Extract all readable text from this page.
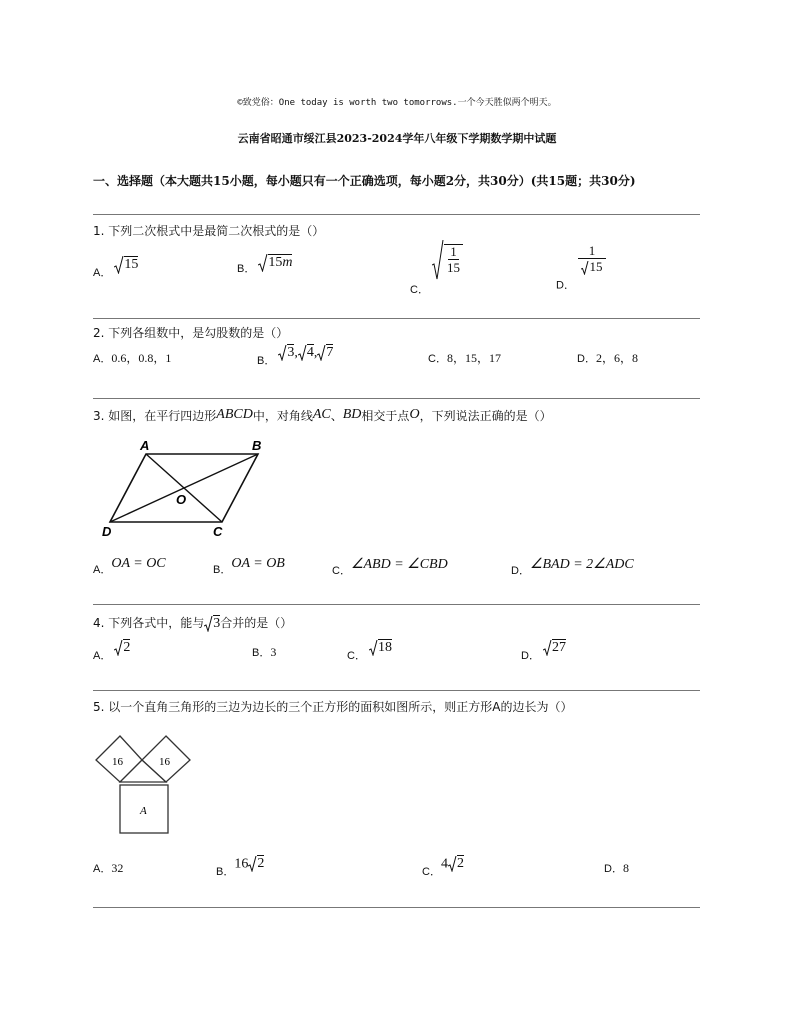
©致党俗：One today is worth two tomorrows.一个今天胜似两个明天。
云南省昭通市绥江县2023-2024学年八年级下学期数学期中试题
一、选择题（本大题共15小题，每小题只有一个正确选项，每小题2分，共30分）(共15题；共30分)
1. 下列二次根式中是最简二次根式的是（）
A．
15	B． 15m
C．
$\frac{1}{15}$
D．
$\frac{1}{15}$
2. 下列各组数中，是勾股数的是（）
A．0.6，0.8，1	B．
3, 4, 7	C．8，15，17	D．2，6，8
3. 如图，在平行四边形ABCD中，对角线AC、BD相交于点O，下列说法正确的是（）
A	B
C
D
O
A．OA = OC	B．OA = OB	C．∠ABD = ∠CBD	D．∠BAD = 2∠ADC
4. 下列各式中，能与 3合并的是（）
A．
2	B．3	C．
18
D．
27
5. 以一个直角三角形的三边为边长的三个正方形的面积如图所示，则正方形A的边长为（）
16	16
A
A．32	B．16 2
C．4 2	D．8
